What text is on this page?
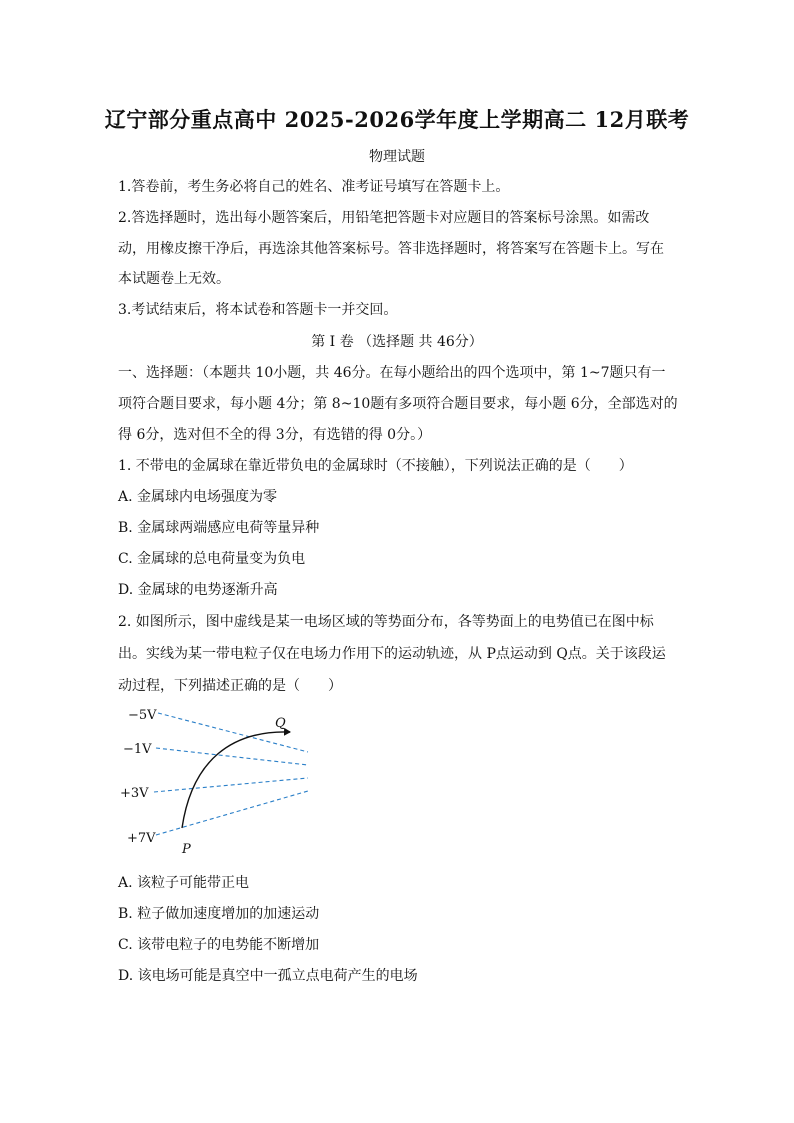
辽宁部分重点高中 2025-2026学年度上学期高二 12月联考
物理试题
1.答卷前，考生务必将自己的姓名、准考证号填写在答题卡上。
2.答选择题时，选出每小题答案后，用铅笔把答题卡对应题目的答案标号涂黑。如需改
动，用橡皮擦干净后，再选涂其他答案标号。答非选择题时，将答案写在答题卡上。写在
本试题卷上无效。
3.考试结束后，将本试卷和答题卡一并交回。
第 I 卷 （选择题 共 46分）
一、选择题：（本题共 10小题，共 46分。在每小题给出的四个选项中，第 1~7题只有一
项符合题目要求，每小题 4分；第 8~10题有多项符合题目要求，每小题 6分，全部选对的
得 6分，选对但不全的得 3分，有选错的得 0分。）
1. 不带电的金属球在靠近带负电的金属球时（不接触），下列说法正确的是（　　）
A. 金属球内电场强度为零
B. 金属球两端感应电荷等量异种
C. 金属球的总电荷量变为负电
D. 金属球的电势逐渐升高
2. 如图所示，图中虚线是某一电场区域的等势面分布，各等势面上的电势值已在图中标
出。实线为某一带电粒子仅在电场力作用下的运动轨迹，从 P点运动到 Q点。关于该段运
动过程，下列描述正确的是（　　）
−5V
−1V
+3V
+7V
Q
P
A. 该粒子可能带正电
B. 粒子做加速度增加的加速运动
C. 该带电粒子的电势能不断增加
D. 该电场可能是真空中一孤立点电荷产生的电场
